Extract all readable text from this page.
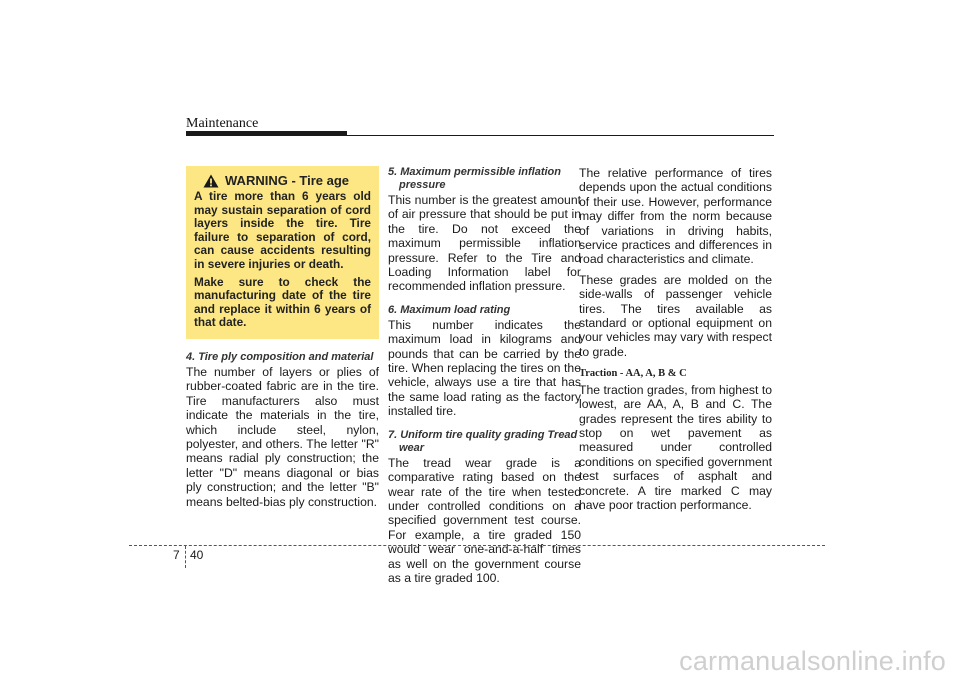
Maintenance
WARNING - Tire age

A tire more than 6 years old may sustain separation of cord layers inside the tire. Tire failure to separation of cord, can cause accidents resulting in severe injuries or death.

Make sure to check the manufacturing date of the tire and replace it within 6 years of that date.

4. Tire ply composition and material

The number of layers or plies of rubber-coated fabric are in the tire. Tire manufacturers also must indicate the materials in the tire, which include steel, nylon, polyester, and others. The letter "R" means radial ply construction; the letter "D" means diagonal or bias ply construction; and the letter "B" means belted-bias ply construction.

5. Maximum permissible inflation pressure

This number is the greatest amount of air pressure that should be put in the tire. Do not exceed the maximum permissible inflation pressure. Refer to the Tire and Loading Information label for recommended inflation pressure.

6. Maximum load rating

This number indicates the maximum load in kilograms and pounds that can be carried by the tire. When replacing the tires on the vehicle, always use a tire that has the same load rating as the factory installed tire.

7. Uniform tire quality grading Tread wear

The tread wear grade is a comparative rating based on the wear rate of the tire when tested under controlled conditions on a specified government test course. For example, a tire graded 150 would wear one-and-a-half times as well on the government course as a tire graded 100.

The relative performance of tires depends upon the actual conditions of their use. However, performance may differ from the norm because of variations in driving habits, service practices and differences in road characteristics and climate.

These grades are molded on the side-walls of passenger vehicle tires. The tires available as standard or optional equipment on your vehicles may vary with respect to grade.

Traction - AA, A, B & C

The traction grades, from highest to lowest, are AA, A, B and C. The grades represent the tires ability to stop on wet pavement as measured under controlled conditions on specified government test surfaces of asphalt and concrete. A tire marked C may have poor traction performance.

7 40
carmanualsonline.info
